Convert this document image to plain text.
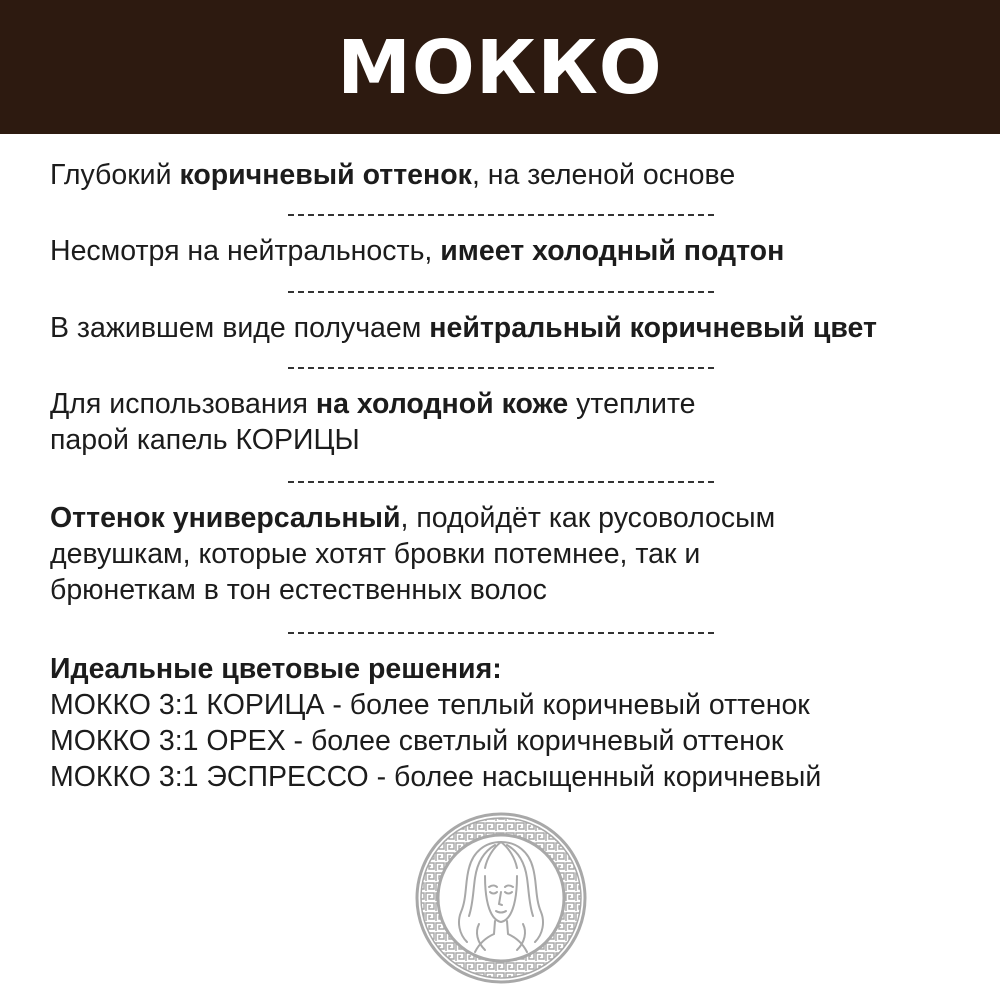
МОККО

Глубокий коричневый оттенок, на зеленой основе

Несмотря на нейтральность, имеет холодный подтон

В зажившем виде получаем нейтральный коричневый цвет

Для использования на холодной коже утеплите
парой капель КОРИЦЫ

Оттенок универсальный, подойдёт как русоволосым
девушкам, которые хотят бровки потемнее, так и
брюнеткам в тон естественных волос

Идеальные цветовые решения:
МОККО 3:1 КОРИЦА - более теплый коричневый оттенок
МОККО 3:1 ОРЕХ - более светлый коричневый оттенок
МОККО 3:1 ЭСПРЕССО - более насыщенный коричневый
